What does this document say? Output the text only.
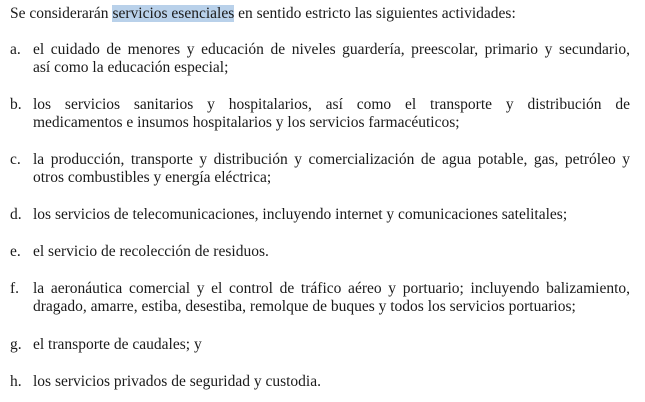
Se considerarán servicios esenciales en sentido estricto las siguientes actividades:
a. el cuidado de menores y educación de niveles guardería, preescolar, primario y secundario,
así como la educación especial;
b. los servicios sanitarios y hospitalarios, así como el transporte y distribución de
medicamentos e insumos hospitalarios y los servicios farmacéuticos;
c. la producción, transporte y distribución y comercialización de agua potable, gas, petróleo y
otros combustibles y energía eléctrica;
d. los servicios de telecomunicaciones, incluyendo internet y comunicaciones satelitales;
e. el servicio de recolección de residuos.
f. la aeronáutica comercial y el control de tráfico aéreo y portuario; incluyendo balizamiento,
dragado, amarre, estiba, desestiba, remolque de buques y todos los servicios portuarios;
g. el transporte de caudales; y
h. los servicios privados de seguridad y custodia.
